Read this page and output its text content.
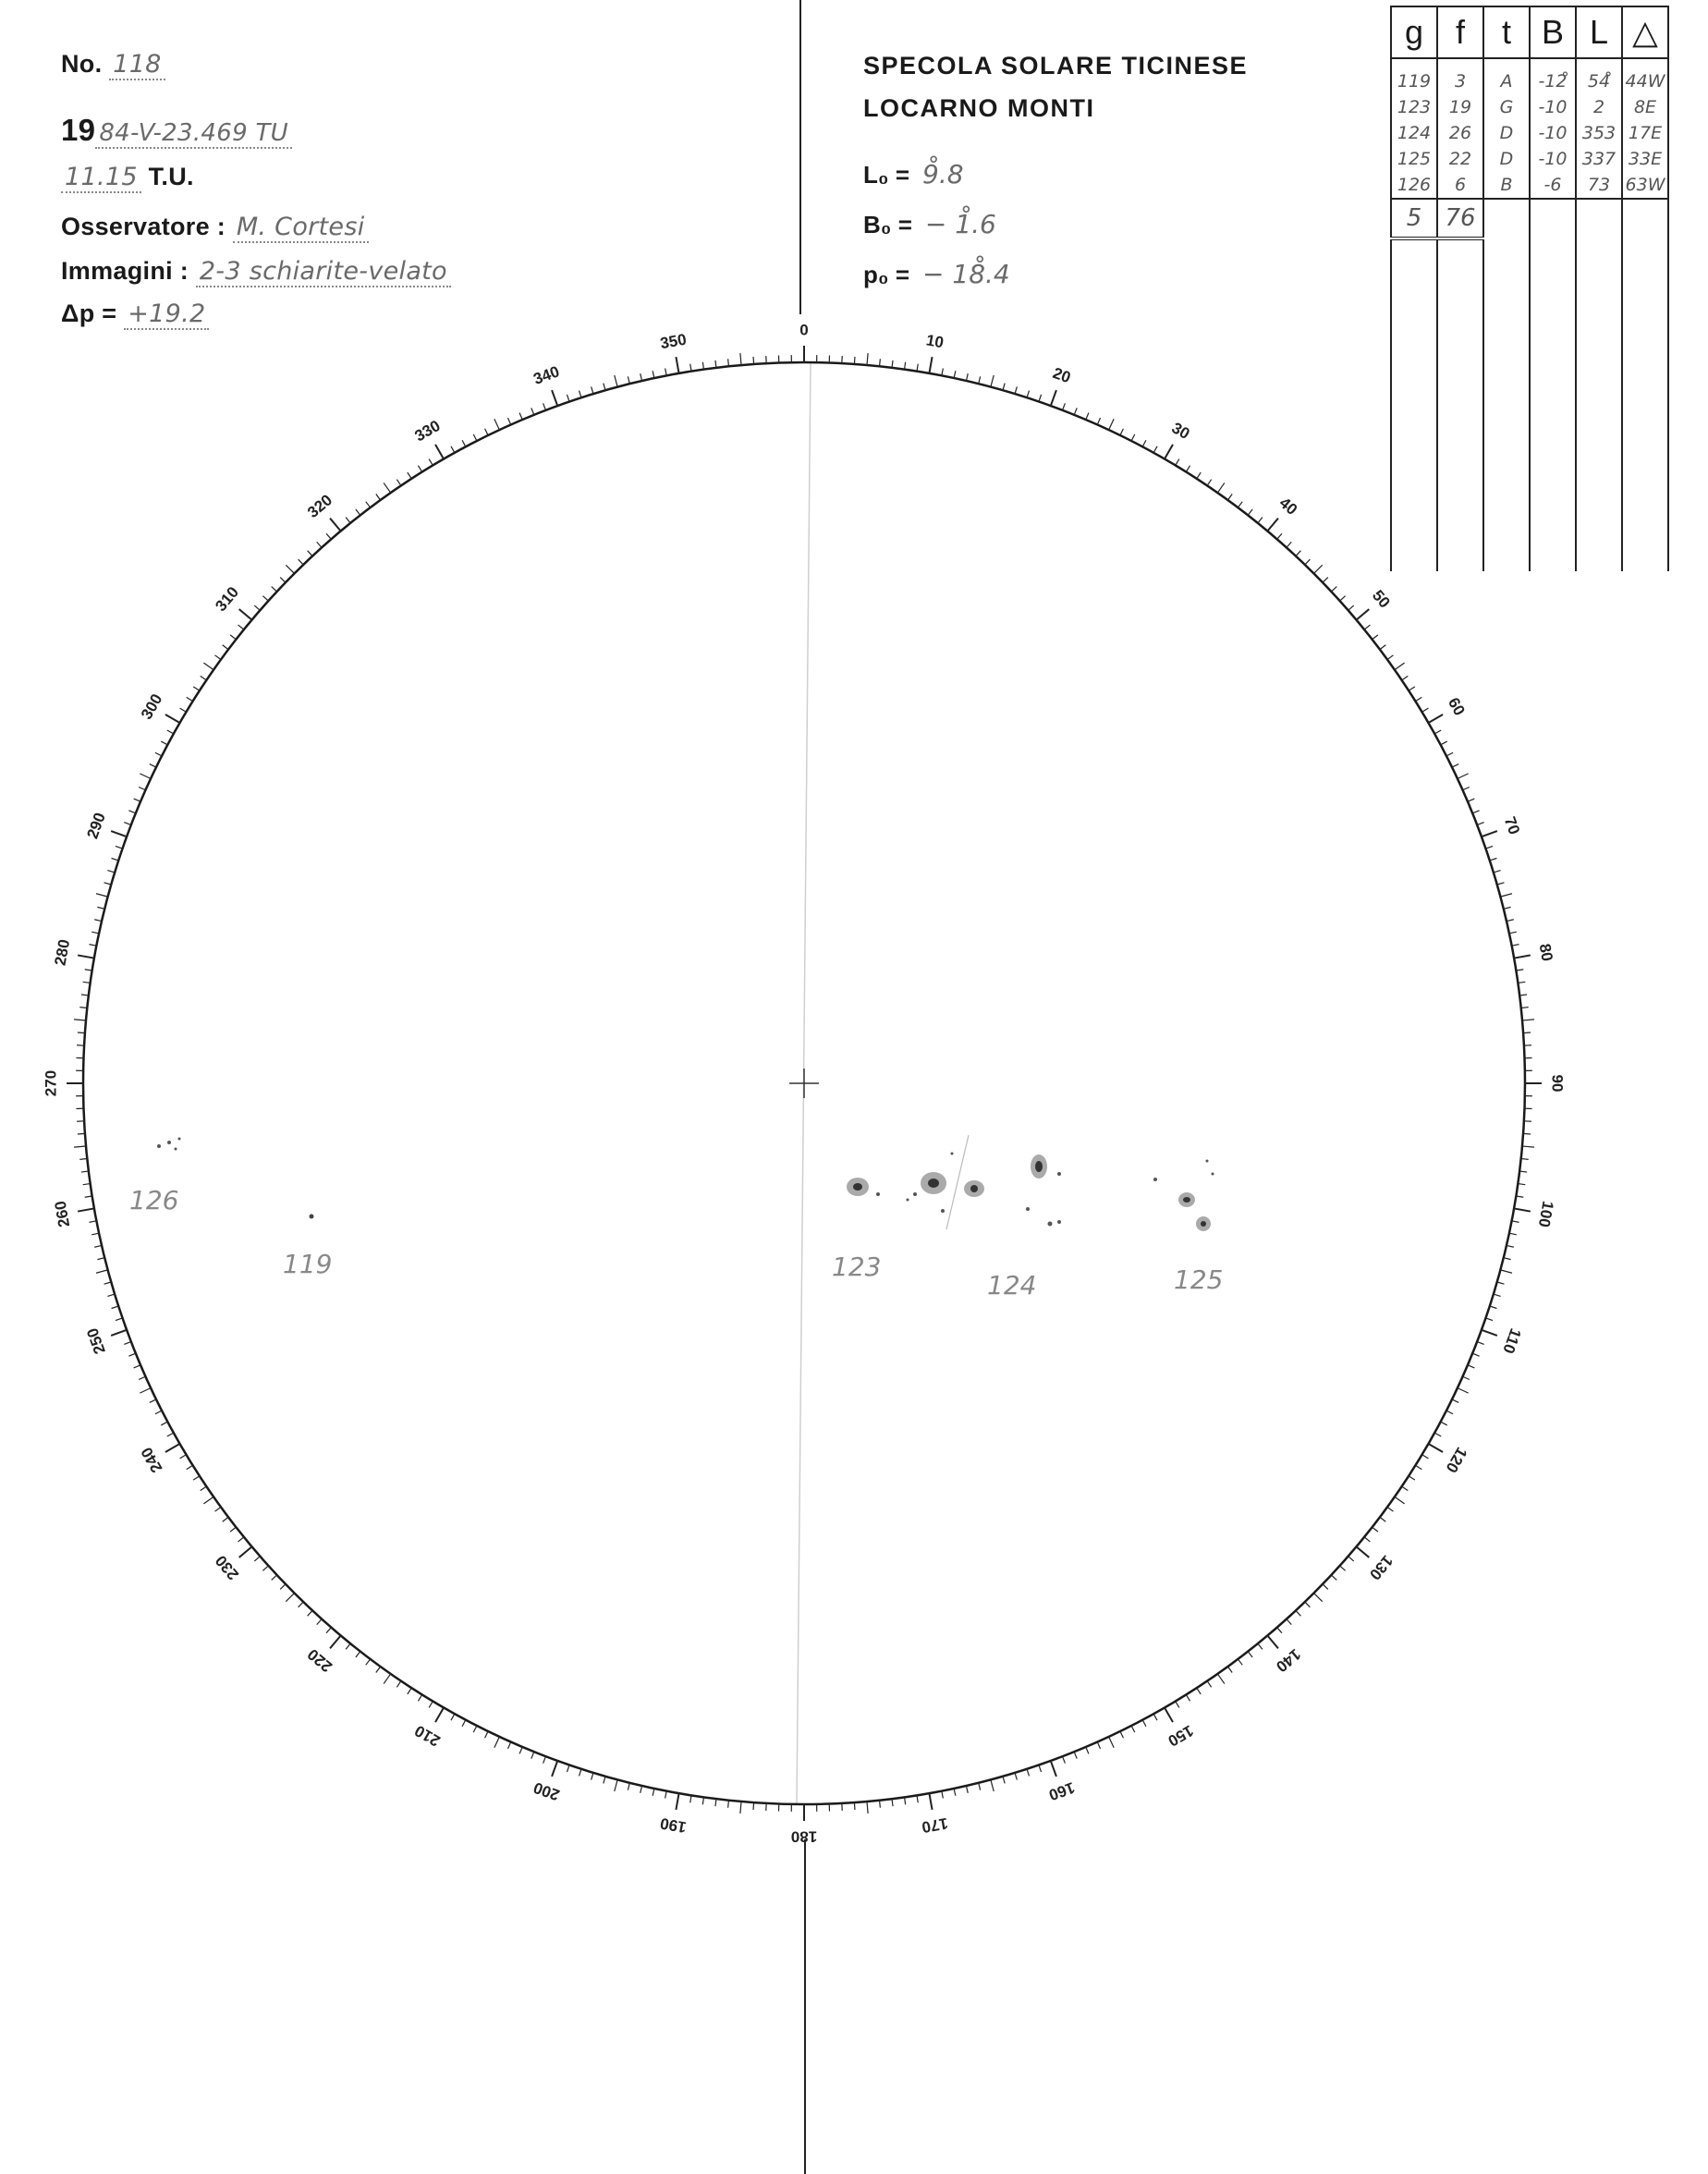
No. 118
19 84-V-23.469 TU
11.15 T.U.
Osservatore : M. Cortesi
Immagini : 2-3 schiarite-velato
Δp = +19.2
SPECOLA SOLARE TICINESE
LOCARNO MONTI
L₀ = 9̊.8
B₀ = − 1̊.6
p₀ = − 18̊.4
g	f	t	B	L	△
119	3	A	-12̊	54̊	44W
123	19	G	-10	2	8E
124	26	D	-10	353	17E
125	22	D	-10	337	33E
126	6	B	-6	73	63W
5	76				

0
10
20
30
40
50
60
70
80
90
100
110
120
130
140
150
160
170
180
190
200
210
220
230
240
250
260
270
280
290
300
310
320
330
340
350
126
119	123
124	125
